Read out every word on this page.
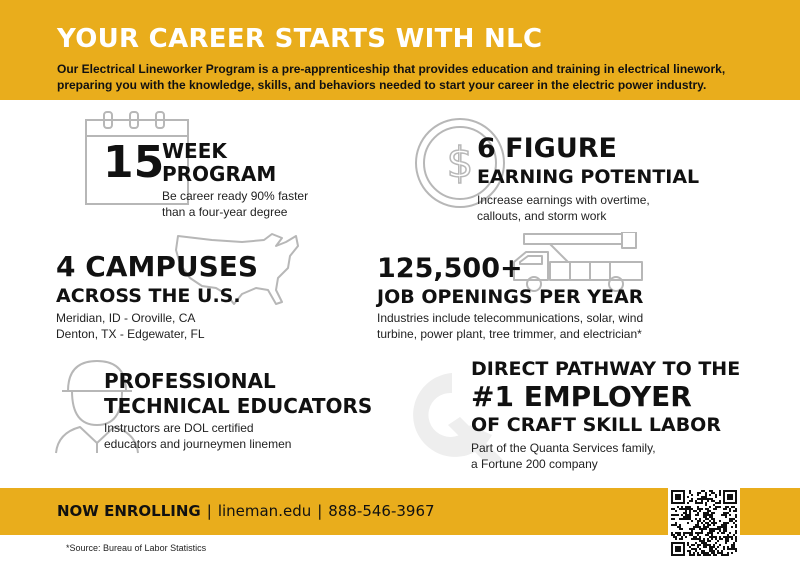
YOUR CAREER STARTS WITH NLC
Our Electrical Lineworker Program is a pre-apprenticeship that provides education and training in electrical linework, preparing you with the knowledge, skills, and behaviors needed to start your career in the electric power industry.
15
WEEK
PROGRAM
Be career ready 90% faster
than a four-year degree
$ 6 FIGURE
EARNING POTENTIAL
Increase earnings with overtime,
callouts, and storm work
4 CAMPUSES
ACROSS THE U.S.
Meridian, ID - Oroville, CA
Denton, TX - Edgewater, FL
125,500+
JOB OPENINGS PER YEAR
Industries include telecommunications, solar, wind
turbine, power plant, tree trimmer, and electrician*
PROFESSIONAL
TECHNICAL EDUCATORS
Instructors are DOL certified
educators and journeymen linemen
DIRECT PATHWAY TO THE
#1 EMPLOYER
OF CRAFT SKILL LABOR
Part of the Quanta Services family,
a Fortune 200 company
NOW ENROLLING | lineman.edu | 888-546-3967
*Source: Bureau of Labor Statistics
